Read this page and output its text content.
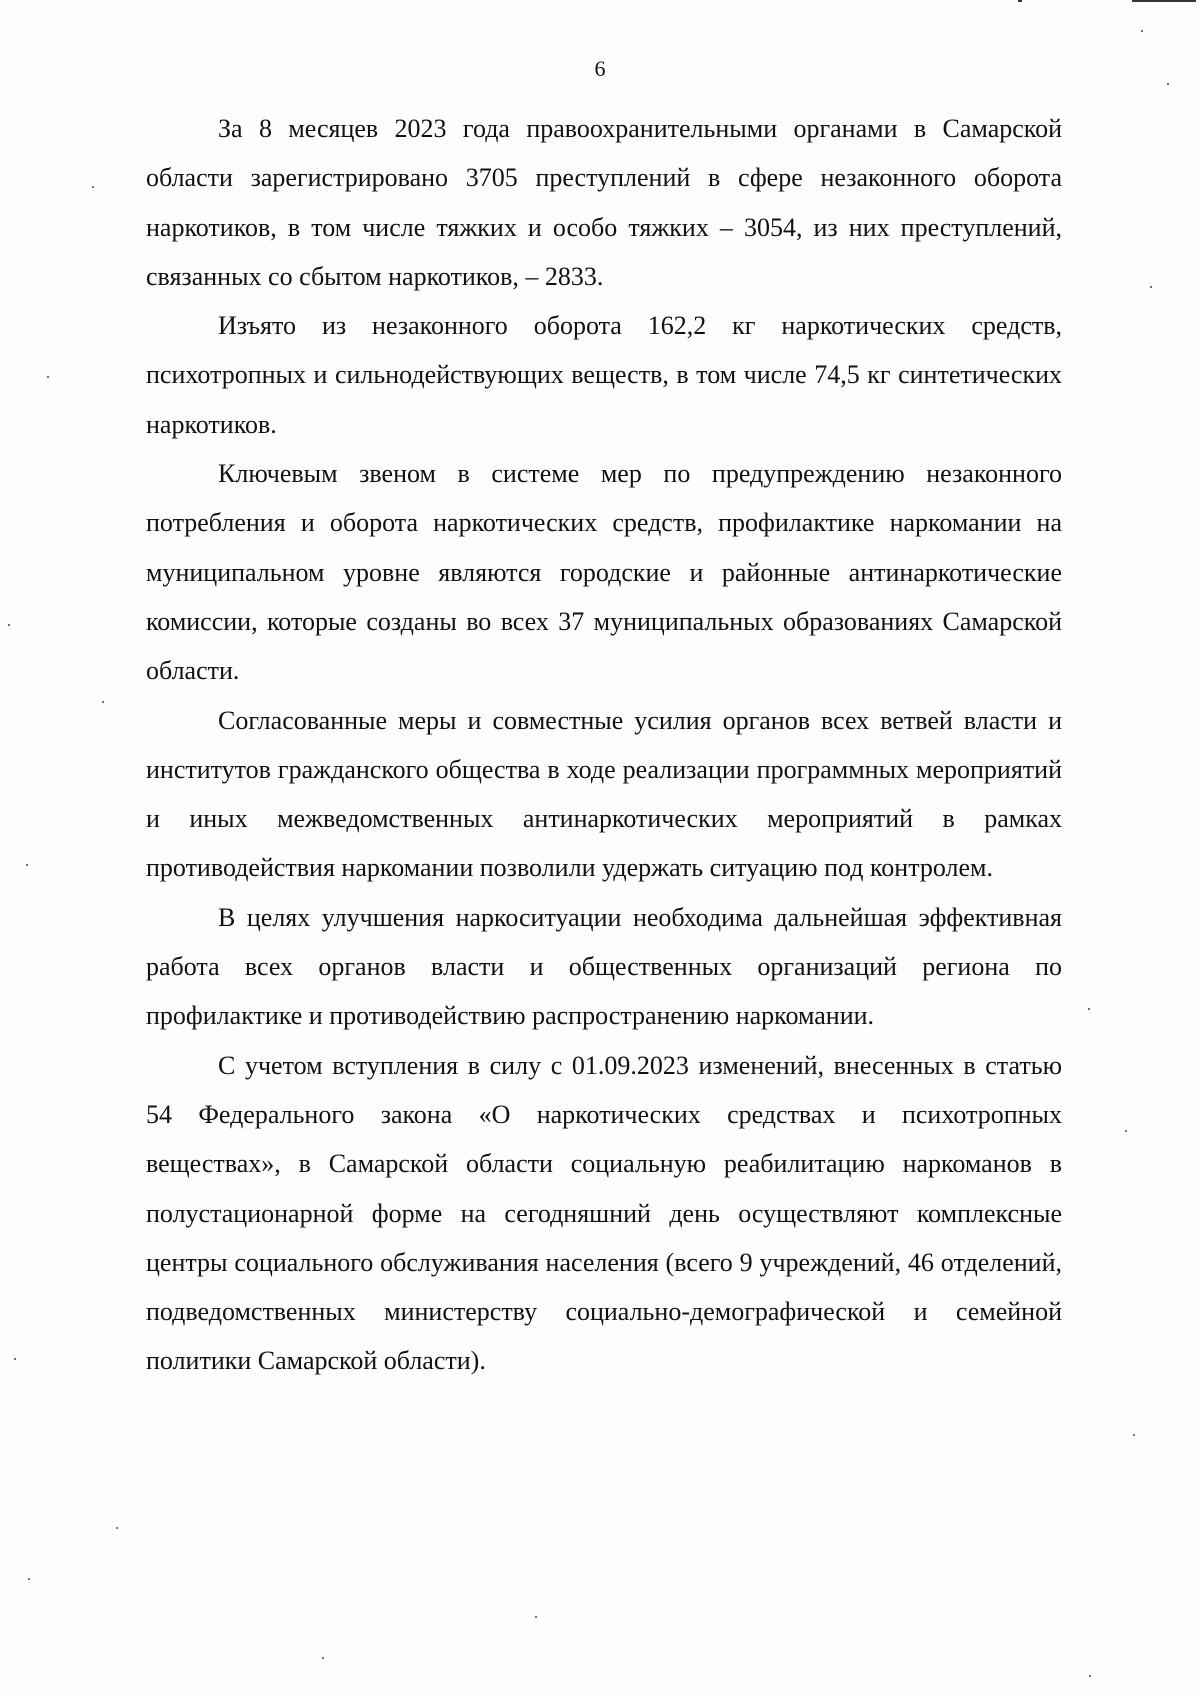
6

За 8 месяцев 2023 года правоохранительными органами в Самарской области зарегистрировано 3705 преступлений в сфере незаконного оборота наркотиков, в том числе тяжких и особо тяжких – 3054, из них преступлений, связанных со сбытом наркотиков, – 2833.

Изъято из незаконного оборота 162,2 кг наркотических средств, психотропных и сильнодействующих веществ, в том числе 74,5 кг синтетических наркотиков.

Ключевым звеном в системе мер по предупреждению незаконного потребления и оборота наркотических средств, профилактике наркомании на муниципальном уровне являются городские и районные антинаркотические комиссии, которые созданы во всех 37 муниципальных образованиях Самарской области.

Согласованные меры и совместные усилия органов всех ветвей власти и институтов гражданского общества в ходе реализации программных мероприятий и иных межведомственных антинаркотических мероприятий в рамках противодействия наркомании позволили удержать ситуацию под контролем.

В целях улучшения наркоситуации необходима дальнейшая эффективная работа всех органов власти и общественных организаций региона по профилактике и противодействию распространению наркомании.

С учетом вступления в силу с 01.09.2023 изменений, внесенных в статью 54 Федерального закона «О наркотических средствах и психотропных веществах», в Самарской области социальную реабилитацию наркоманов в полустационарной форме на сегодняшний день осуществляют комплексные центры социального обслуживания населения (всего 9 учреждений, 46 отделений, подведомственных министерству социально-демографической и семейной политики Самарской области).
